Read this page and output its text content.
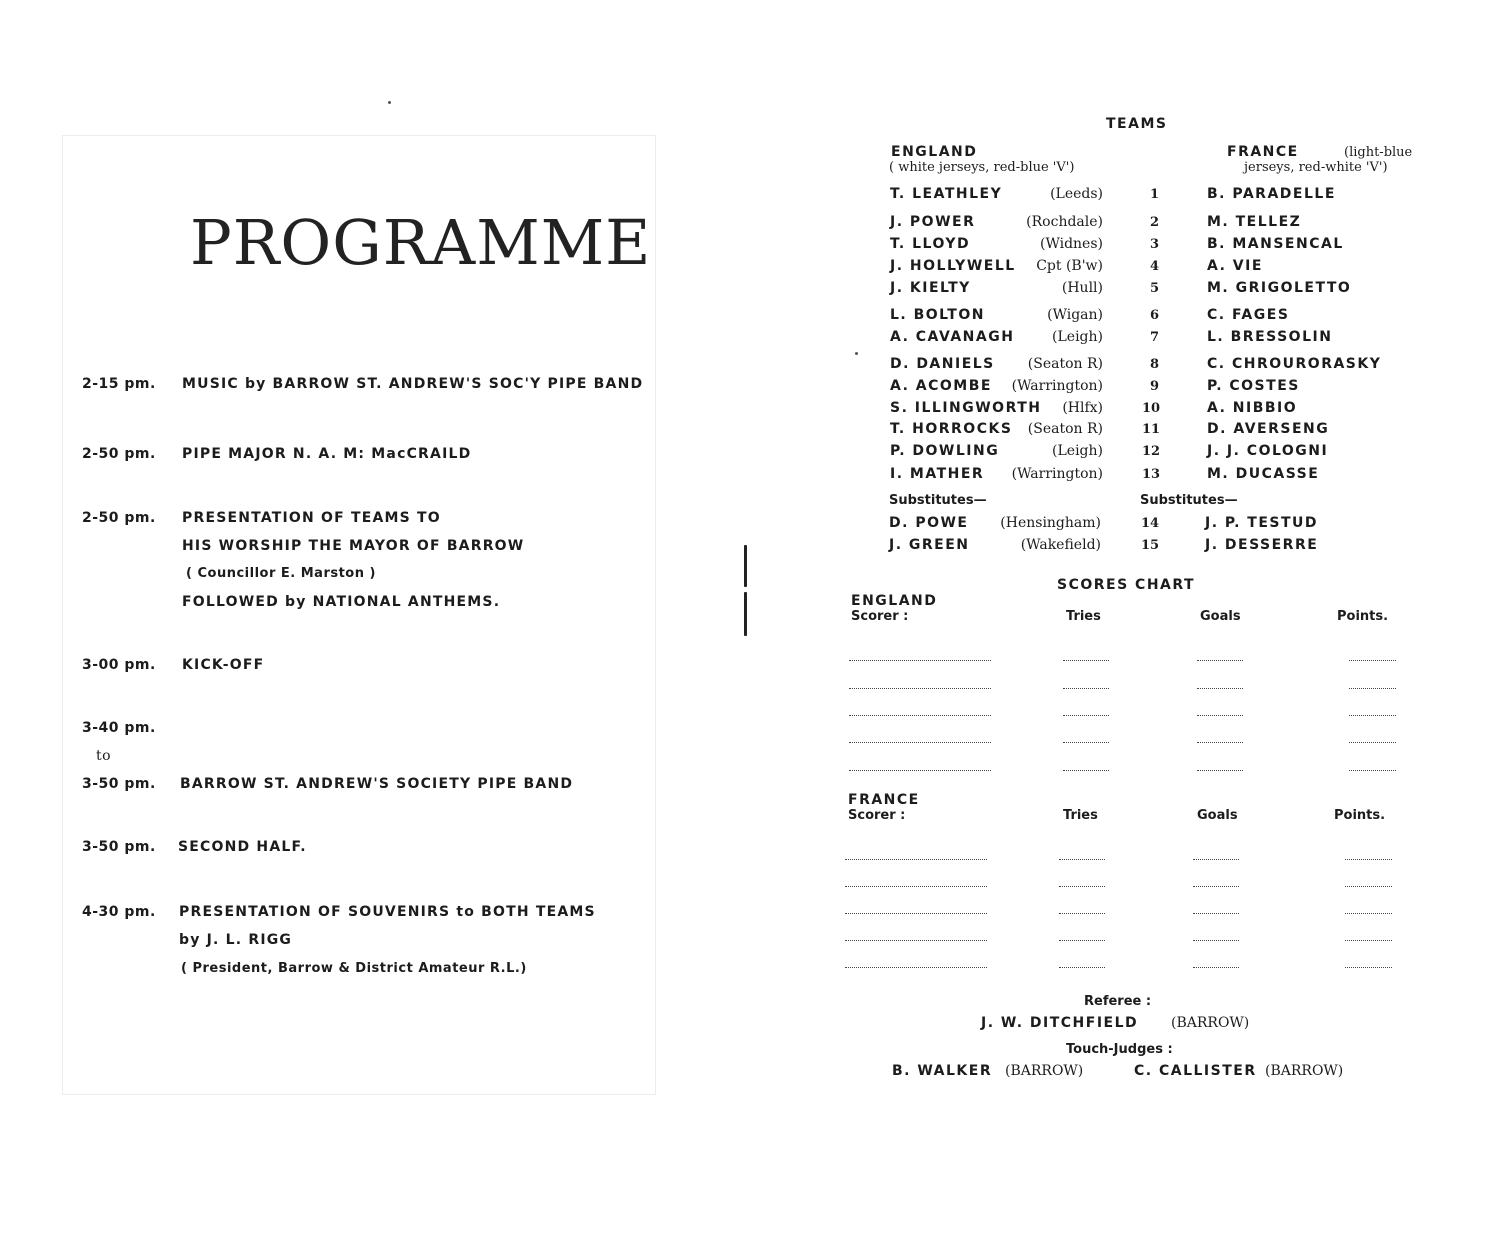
PROGRAMME
2-15 pm. MUSIC by BARROW ST. ANDREW'S SOC'Y PIPE BAND
2-50 pm. PIPE MAJOR N. A. M: MacCRAILD
2-50 pm. PRESENTATION OF TEAMS TO
HIS WORSHIP THE MAYOR OF BARROW
( Councillor E. Marston )
FOLLOWED by NATIONAL ANTHEMS.
3-00 pm. KICK-OFF
3-40 pm.
to
3-50 pm. BARROW ST. ANDREW'S SOCIETY PIPE BAND
3-50 pm. SECOND HALF.
4-30 pm. PRESENTATION OF SOUVENIRS to BOTH TEAMS
by J. L. RIGG
( President, Barrow & District Amateur R.L.)
TEAMS
ENGLAND
( white jerseys, red-blue 'V')
FRANCE	(light-blue
jerseys, red-white 'V')
T. LEATHLEY	(Leeds)	1	B. PARADELLE
J. POWER	(Rochdale)	2	M. TELLEZ
T. LLOYD	(Widnes)	3	B. MANSENCAL
J. HOLLYWELL Cpt (B'w)	4	A. VIE
J. KIELTY	(Hull)	5	M. GRIGOLETTO
L. BOLTON	(Wigan)	6	C. FAGES
A. CAVANAGH	(Leigh)	7	L. BRESSOLIN
D. DANIELS (Seaton R)	8	C. CHROURORASKY
A. ACOMBE (Warrington)	9	P. COSTES
S. ILLINGWORTH (Hlfx)	10	A. NIBBIO
T. HORROCKS (Seaton R)	11	D. AVERSENG
P. DOWLING	(Leigh)	12	J. J. COLOGNI
I. MATHER (Warrington)	13	M. DUCASSE
Substitutes—	Substitutes—
D. POWE (Hensingham)	14	J. P. TESTUD
J. GREEN	(Wakefield)	15	J. DESSERRE
SCORES CHART
ENGLAND
Scorer :	Tries	Goals	Points.
FRANCE
Scorer :	Tries	Goals	Points.
Referee :
J. W. DITCHFIELD (BARROW)
Touch-Judges :
B. WALKER (BARROW)	C. CALLISTER (BARROW)
